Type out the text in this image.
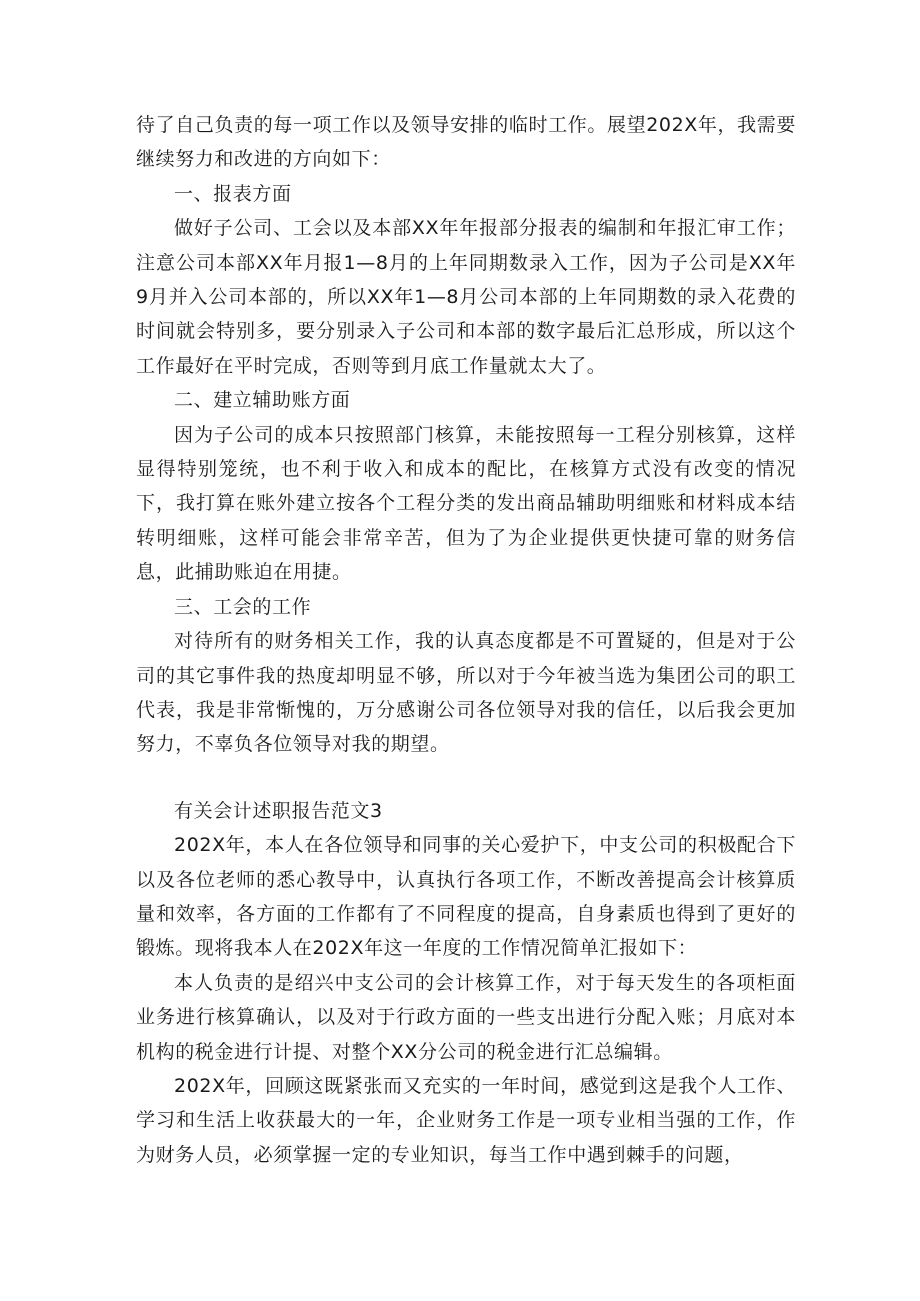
待了自己负责的每一项工作以及领导安排的临时工作。展望202X年，我需要继续努力和改进的方向如下：

一、报表方面

做好子公司、工会以及本部XX年年报部分报表的编制和年报汇审工作；注意公司本部XX年月报1—8月的上年同期数录入工作，因为子公司是XX年9月并入公司本部的，所以XX年1—8月公司本部的上年同期数的录入花费的时间就会特别多，要分别录入子公司和本部的数字最后汇总形成，所以这个工作最好在平时完成，否则等到月底工作量就太大了。

二、建立辅助账方面

因为子公司的成本只按照部门核算，未能按照每一工程分别核算，这样显得特别笼统，也不利于收入和成本的配比，在核算方式没有改变的情况下，我打算在账外建立按各个工程分类的发出商品辅助明细账和材料成本结转明细账，这样可能会非常辛苦，但为了为企业提供更快捷可靠的财务信息，此捕助账迫在用捷。

三、工会的工作

对待所有的财务相关工作，我的认真态度都是不可置疑的，但是对于公司的其它事件我的热度却明显不够，所以对于今年被当选为集团公司的职工代表，我是非常惭愧的，万分感谢公司各位领导对我的信任，以后我会更加努力，不辜负各位领导对我的期望。

有关会计述职报告范文3

202X年，本人在各位领导和同事的关心爱护下，中支公司的积极配合下以及各位老师的悉心教导中，认真执行各项工作，不断改善提高会计核算质量和效率，各方面的工作都有了不同程度的提高，自身素质也得到了更好的锻炼。现将我本人在202X年这一年度的工作情况简单汇报如下：

本人负责的是绍兴中支公司的会计核算工作，对于每天发生的各项柜面业务进行核算确认，以及对于行政方面的一些支出进行分配入账；月底对本机构的税金进行计提、对整个XX分公司的税金进行汇总编辑。

202X年，回顾这既紧张而又充实的一年时间，感觉到这是我个人工作、学习和生活上收获最大的一年，企业财务工作是一项专业相当强的工作，作为财务人员，必须掌握一定的专业知识，每当工作中遇到棘手的问题，
